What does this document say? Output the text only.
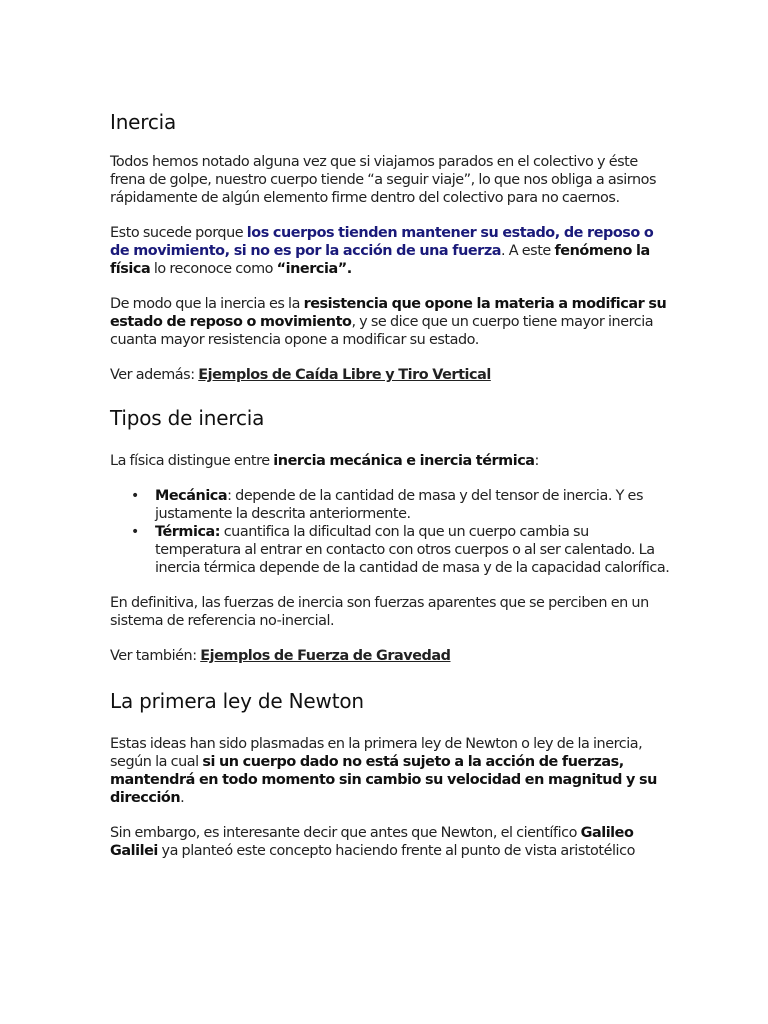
Inercia

Todos hemos notado alguna vez que si viajamos parados en el colectivo y éste frena de golpe, nuestro cuerpo tiende “a seguir viaje”, lo que nos obliga a asirnos rápidamente de algún elemento firme dentro del colectivo para no caernos.

Esto sucede porque los cuerpos tienden mantener su estado, de reposo o de movimiento, si no es por la acción de una fuerza. A este fenómeno la física lo reconoce como “inercia”.

De modo que la inercia es la resistencia que opone la materia a modificar su estado de reposo o movimiento, y se dice que un cuerpo tiene mayor inercia cuanta mayor resistencia opone a modificar su estado.

Ver además: Ejemplos de Caída Libre y Tiro Vertical

Tipos de inercia

La física distingue entre inercia mecánica e inercia térmica:

• Mecánica: depende de la cantidad de masa y del tensor de inercia. Y es justamente la descrita anteriormente.
• Térmica: cuantifica la dificultad con la que un cuerpo cambia su temperatura al entrar en contacto con otros cuerpos o al ser calentado. La inercia térmica depende de la cantidad de masa y de la capacidad calorífica.

En definitiva, las fuerzas de inercia son fuerzas aparentes que se perciben en un sistema de referencia no-inercial.

Ver también: Ejemplos de Fuerza de Gravedad

La primera ley de Newton

Estas ideas han sido plasmadas en la primera ley de Newton o ley de la inercia, según la cual si un cuerpo dado no está sujeto a la acción de fuerzas, mantendrá en todo momento sin cambio su velocidad en magnitud y su dirección.

Sin embargo, es interesante decir que antes que Newton, el científico Galileo Galilei ya planteó este concepto haciendo frente al punto de vista aristotélico
